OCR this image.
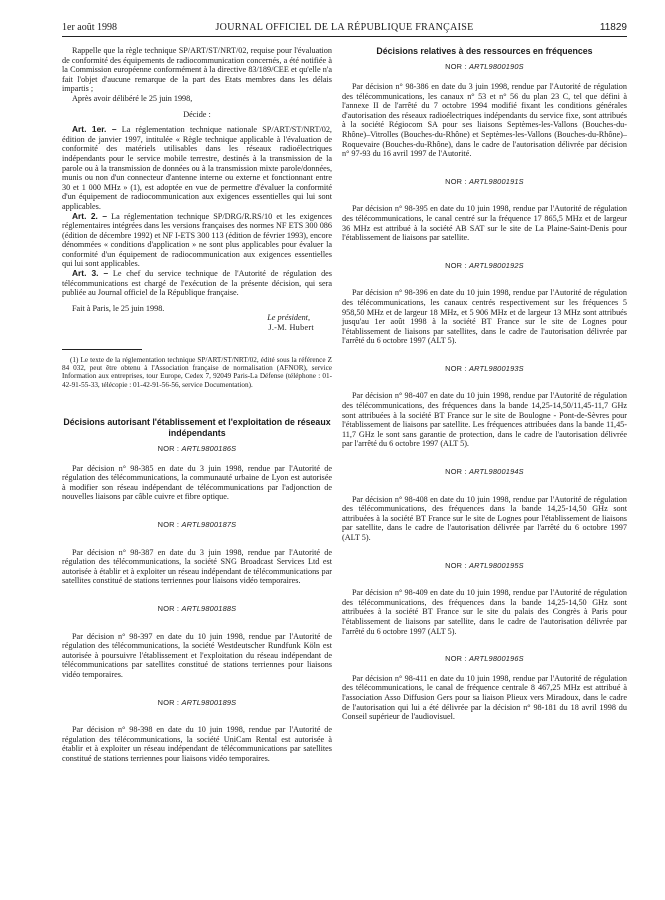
1er août 1998	JOURNAL OFFICIEL DE LA RÉPUBLIQUE FRANÇAISE	11829

Rappelle que la règle technique SP/ART/ST/NRT/02, requise pour l'évaluation de conformité des équipements de radiocommunication concernés, a été notifiée à la Commission européenne conformément à la directive 83/189/CEE et qu'elle n'a fait l'objet d'aucune remarque de la part des Etats membres dans les délais impartis ;

Après avoir délibéré le 25 juin 1998,

Décide :

Art. 1er. – La réglementation technique nationale SP/ART/ST/NRT/02, édition de janvier 1997, intitulée « Règle technique applicable à l'évaluation de conformité des matériels utilisables dans les réseaux radioélectriques indépendants pour le service mobile terrestre, destinés à la transmission de la parole ou à la transmission de données ou à la transmission mixte parole/données, munis ou non d'un connecteur d'antenne interne ou externe et fonctionnant entre 30 et 1 000 MHz » (1), est adoptée en vue de permettre d'évaluer la conformité d'un équipement de radiocommunication aux exigences essentielles qui lui sont applicables.

Art. 2. – La réglementation technique SP/DRG/R.RS/10 et les exigences réglementaires intégrées dans les versions françaises des normes NF ETS 300 086 (édition de décembre 1992) et NF I-ETS 300 113 (édition de février 1993), encore dénommées « conditions d'application » ne sont plus applicables pour évaluer la conformité d'un équipement de radiocommunication aux exigences essentielles qui lui sont applicables.

Art. 3. – Le chef du service technique de l'Autorité de régulation des télécommunications est chargé de l'exécution de la présente décision, qui sera publiée au Journal officiel de la République française.

Fait à Paris, le 25 juin 1998.

Le président,
J.-M. Hubert

(1) Le texte de la réglementation technique SP/ART/ST/NRT/02, édité sous la référence Z 84 032, peut être obtenu à l'Association française de normalisation (AFNOR), service Information aux entreprises, tour Europe, Cedex 7, 92049 Paris-La Défense (téléphone : 01-42-91-55-33, télécopie : 01-42-91-56-56, service Documentation).

Décisions autorisant l'établissement et l'exploitation de réseaux indépendants

NOR : ARTL9800186S

Par décision n° 98-385 en date du 3 juin 1998, rendue par l'Autorité de régulation des télécommunications, la communauté urbaine de Lyon est autorisée à modifier son réseau indépendant de télécommunications par l'adjonction de nouvelles liaisons par câble cuivre et fibre optique.

NOR : ARTL9800187S

Par décision n° 98-387 en date du 3 juin 1998, rendue par l'Autorité de régulation des télécommunications, la société SNG Broadcast Services Ltd est autorisée à établir et à exploiter un réseau indépendant de télécommunications par satellites constitué de stations terriennes pour liaisons vidéo temporaires.

NOR : ARTL9800188S

Par décision n° 98-397 en date du 10 juin 1998, rendue par l'Autorité de régulation des télécommunications, la société Westdeutscher Rundfunk Köln est autorisée à poursuivre l'établissement et l'exploitation du réseau indépendant de télécommunications par satellites constitué de stations terriennes pour liaisons vidéo temporaires.

NOR : ARTL9800189S

Par décision n° 98-398 en date du 10 juin 1998, rendue par l'Autorité de régulation des télécommunications, la société UniCam Rental est autorisée à établir et à exploiter un réseau indépendant de télécommunications par satellites constitué de stations terriennes pour liaisons vidéo temporaires.

Décisions relatives à des ressources en fréquences

NOR : ARTL9800190S

Par décision n° 98-386 en date du 3 juin 1998, rendue par l'Autorité de régulation des télécommunications, les canaux n° 53 et n° 56 du plan 23 C, tel que défini à l'annexe II de l'arrêté du 7 octobre 1994 modifié fixant les conditions générales d'autorisation des réseaux radioélectriques indépendants du service fixe, sont attribués à la société Régiocom SA pour ses liaisons Septèmes-les-Vallons (Bouches-du-Rhône)–Vitrolles (Bouches-du-Rhône) et Septèmes-les-Vallons (Bouches-du-Rhône)–Roquevaire (Bouches-du-Rhône), dans le cadre de l'autorisation délivrée par décision n° 97-93 du 16 avril 1997 de l'Autorité.

NOR : ARTL9800191S

Par décision n° 98-395 en date du 10 juin 1998, rendue par l'Autorité de régulation des télécommunications, le canal centré sur la fréquence 17 865,5 MHz et de largeur 36 MHz est attribué à la société AB SAT sur le site de La Plaine-Saint-Denis pour l'établissement de liaisons par satellite.

NOR : ARTL9800192S

Par décision n° 98-396 en date du 10 juin 1998, rendue par l'Autorité de régulation des télécommunications, les canaux centrés respectivement sur les fréquences 5 958,50 MHz et de largeur 18 MHz, et 5 906 MHz et de largeur 13 MHz sont attribués jusqu'au 1er août 1998 à la société BT France sur le site de Lognes pour l'établissement de liaisons par satellites, dans le cadre de l'autorisation délivrée par l'arrêté du 6 octobre 1997 (ALT 5).

NOR : ARTL9800193S

Par décision n° 98-407 en date du 10 juin 1998, rendue par l'Autorité de régulation des télécommunications, des fréquences dans la bande 14,25-14,50/11,45-11,7 GHz sont attribuées à la société BT France sur le site de Boulogne - Pont-de-Sèvres pour l'établissement de liaisons par satellite. Les fréquences attribuées dans la bande 11,45-11,7 GHz le sont sans garantie de protection, dans le cadre de l'autorisation délivrée par l'arrêté du 6 octobre 1997 (ALT 5).

NOR : ARTL9800194S

Par décision n° 98-408 en date du 10 juin 1998, rendue par l'Autorité de régulation des télécommunications, des fréquences dans la bande 14,25-14,50 GHz sont attribuées à la société BT France sur le site de Lognes pour l'établissement de liaisons par satellite, dans le cadre de l'autorisation délivrée par l'arrêté du 6 octobre 1997 (ALT 5).

NOR : ARTL9800195S

Par décision n° 98-409 en date du 10 juin 1998, rendue par l'Autorité de régulation des télécommunications, des fréquences dans la bande 14,25-14,50 GHz sont attribuées à la société BT France sur le site du palais des Congrès à Paris pour l'établissement de liaisons par satellite, dans le cadre de l'autorisation délivrée par l'arrêté du 6 octobre 1997 (ALT 5).

NOR : ARTL9800196S

Par décision n° 98-411 en date du 10 juin 1998, rendue par l'Autorité de régulation des télécommunications, le canal de fréquence centrale 8 467,25 MHz est attribué à l'association Asso Diffusion Gers pour sa liaison Plieux vers Miradoux, dans le cadre de l'autorisation qui lui a été délivrée par la décision n° 98-181 du 18 avril 1998 du Conseil supérieur de l'audiovisuel.
